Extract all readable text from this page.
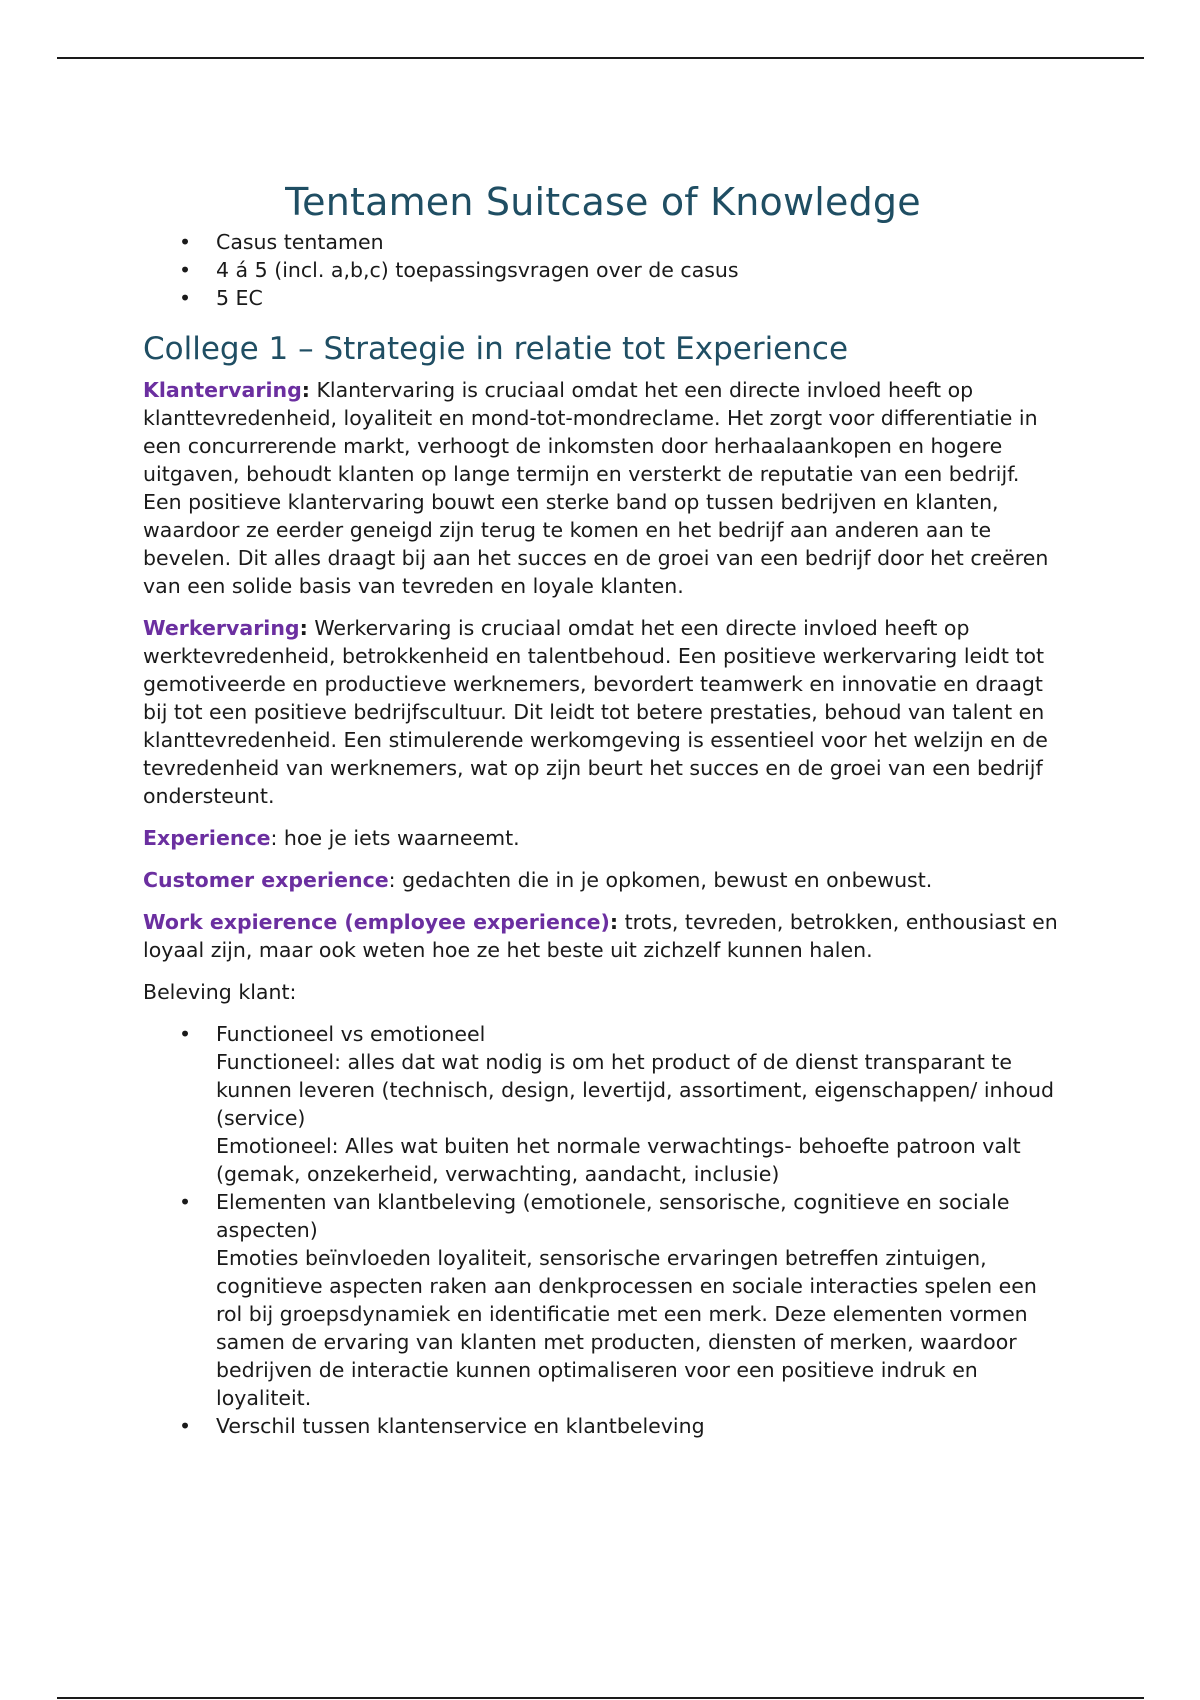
Tentamen Suitcase of Knowledge
• Casus tentamen
• 4 á 5 (incl. a,b,c) toepassingsvragen over de casus
• 5 EC
College 1 – Strategie in relatie tot Experience

Klantervaring: Klantervaring is cruciaal omdat het een directe invloed heeft op klanttevredenheid, loyaliteit en mond-tot-mondreclame. Het zorgt voor differentiatie in een concurrerende markt, verhoogt de inkomsten door herhaalaankopen en hogere uitgaven, behoudt klanten op lange termijn en versterkt de reputatie van een bedrijf. Een positieve klantervaring bouwt een sterke band op tussen bedrijven en klanten, waardoor ze eerder geneigd zijn terug te komen en het bedrijf aan anderen aan te bevelen. Dit alles draagt bij aan het succes en de groei van een bedrijf door het creëren van een solide basis van tevreden en loyale klanten.

Werkervaring: Werkervaring is cruciaal omdat het een directe invloed heeft op werktevredenheid, betrokkenheid en talentbehoud. Een positieve werkervaring leidt tot gemotiveerde en productieve werknemers, bevordert teamwerk en innovatie en draagt bij tot een positieve bedrijfscultuur. Dit leidt tot betere prestaties, behoud van talent en klanttevredenheid. Een stimulerende werkomgeving is essentieel voor het welzijn en de tevredenheid van werknemers, wat op zijn beurt het succes en de groei van een bedrijf ondersteunt.

Experience: hoe je iets waarneemt.

Customer experience: gedachten die in je opkomen, bewust en onbewust.

Work expierence (employee experience): trots, tevreden, betrokken, enthousiast en loyaal zijn, maar ook weten hoe ze het beste uit zichzelf kunnen halen.

Beleving klant:

• Functioneel vs emotioneel
Functioneel: alles dat wat nodig is om het product of de dienst transparant te kunnen leveren (technisch, design, levertijd, assortiment, eigenschappen/ inhoud (service)
Emotioneel: Alles wat buiten het normale verwachtings- behoefte patroon valt (gemak, onzekerheid, verwachting, aandacht, inclusie)
• Elementen van klantbeleving (emotionele, sensorische, cognitieve en sociale aspecten)
Emoties beïnvloeden loyaliteit, sensorische ervaringen betreffen zintuigen, cognitieve aspecten raken aan denkprocessen en sociale interacties spelen een rol bij groepsdynamiek en identificatie met een merk. Deze elementen vormen samen de ervaring van klanten met producten, diensten of merken, waardoor bedrijven de interactie kunnen optimaliseren voor een positieve indruk en loyaliteit.
• Verschil tussen klantenservice en klantbeleving
